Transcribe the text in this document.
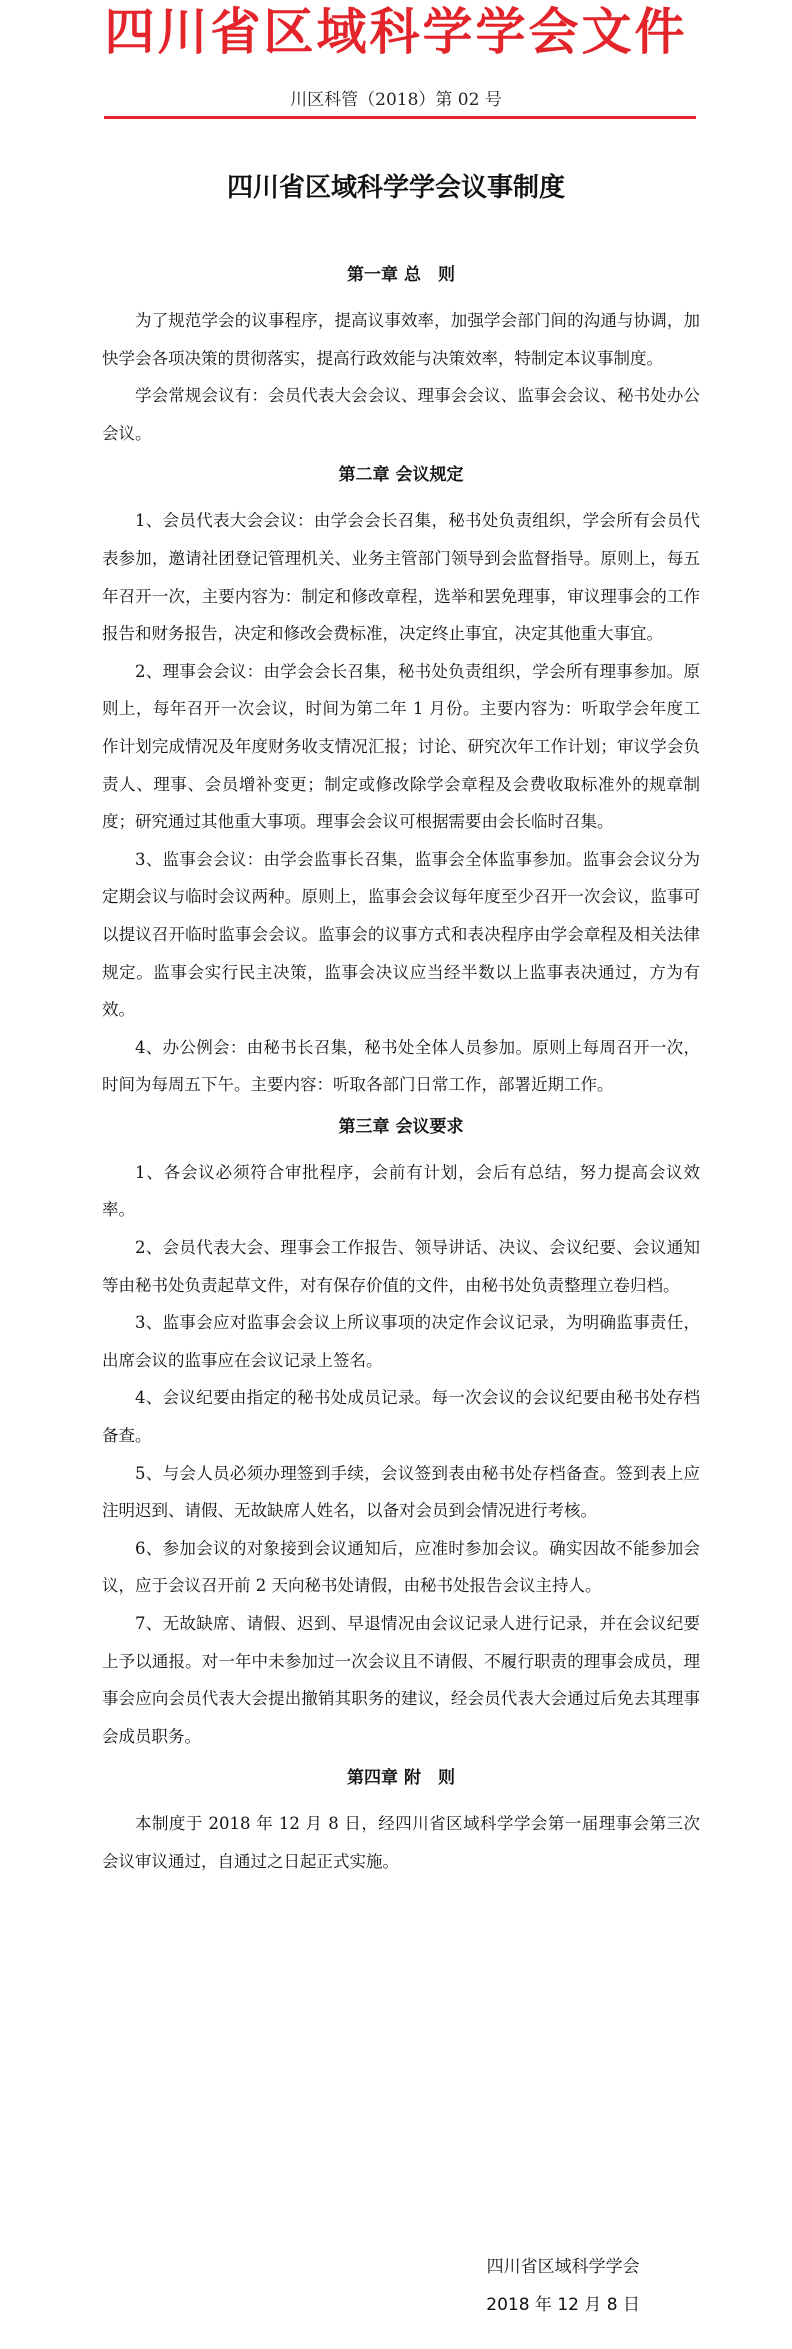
四川省区域科学学会文件
川区科管（2018）第 02 号
四川省区域科学学会议事制度
第一章 总　则

为了规范学会的议事程序，提高议事效率，加强学会部门间的沟通与协调，加快学会各项决策的贯彻落实，提高行政效能与决策效率，特制定本议事制度。

学会常规会议有：会员代表大会会议、理事会会议、监事会会议、秘书处办公会议。

第二章 会议规定

1、会员代表大会会议：由学会会长召集，秘书处负责组织，学会所有会员代表参加，邀请社团登记管理机关、业务主管部门领导到会监督指导。原则上，每五年召开一次，主要内容为：制定和修改章程，选举和罢免理事，审议理事会的工作报告和财务报告，决定和修改会费标准，决定终止事宜，决定其他重大事宜。

2、理事会会议：由学会会长召集，秘书处负责组织，学会所有理事参加。原则上，每年召开一次会议，时间为第二年 1 月份。主要内容为：听取学会年度工作计划完成情况及年度财务收支情况汇报；讨论、研究次年工作计划；审议学会负责人、理事、会员增补变更；制定或修改除学会章程及会费收取标准外的规章制度；研究通过其他重大事项。理事会会议可根据需要由会长临时召集。

3、监事会会议：由学会监事长召集，监事会全体监事参加。监事会会议分为定期会议与临时会议两种。原则上，监事会会议每年度至少召开一次会议，监事可以提议召开临时监事会会议。监事会的议事方式和表决程序由学会章程及相关法律规定。监事会实行民主决策，监事会决议应当经半数以上监事表决通过，方为有效。

4、办公例会：由秘书长召集，秘书处全体人员参加。原则上每周召开一次，时间为每周五下午。主要内容：听取各部门日常工作，部署近期工作。

第三章 会议要求

1、各会议必须符合审批程序，会前有计划，会后有总结，努力提高会议效率。

2、会员代表大会、理事会工作报告、领导讲话、决议、会议纪要、会议通知等由秘书处负责起草文件，对有保存价值的文件，由秘书处负责整理立卷归档。

3、监事会应对监事会会议上所议事项的决定作会议记录，为明确监事责任，出席会议的监事应在会议记录上签名。

4、会议纪要由指定的秘书处成员记录。每一次会议的会议纪要由秘书处存档备查。

5、与会人员必须办理签到手续，会议签到表由秘书处存档备查。签到表上应注明迟到、请假、无故缺席人姓名，以备对会员到会情况进行考核。

6、参加会议的对象接到会议通知后，应准时参加会议。确实因故不能参加会议，应于会议召开前 2 天向秘书处请假，由秘书处报告会议主持人。

7、无故缺席、请假、迟到、早退情况由会议记录人进行记录，并在会议纪要上予以通报。对一年中未参加过一次会议且不请假、不履行职责的理事会成员，理事会应向会员代表大会提出撤销其职务的建议，经会员代表大会通过后免去其理事会成员职务。

第四章 附　则

本制度于 2018 年 12 月 8 日，经四川省区域科学学会第一届理事会第三次会议审议通过，自通过之日起正式实施。

四川省区域科学学会
2018 年 12 月 8 日
